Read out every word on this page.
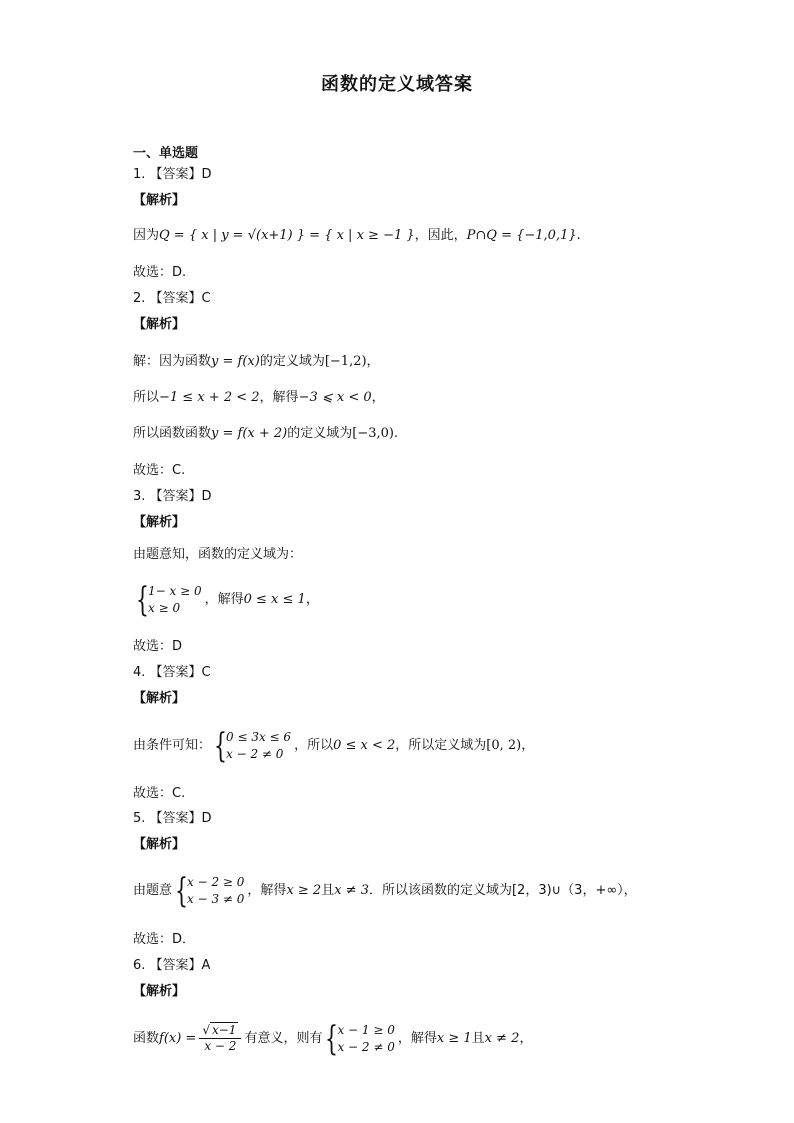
函数的定义域答案
一、单选题
1. 【答案】D
【解析】
因为Q = { x | y = √(x+1) } = { x | x ≥ −1 }，因此，P∩Q = {−1,0,1}.
故选：D.
2. 【答案】C
【解析】
解：因为函数y = f(x)的定义域为[−1,2)，
所以−1 ≤ x + 2 < 2，解得−3 ⩽ x < 0，
所以函数函数y = f(x + 2)的定义域为[−3,0).
故选：C.
3. 【答案】D
【解析】
由题意知，函数的定义域为：
{ 1− x ≥ 0
x ≥ 0
，解得0 ≤ x ≤ 1，
故选：D
4. 【答案】C
【解析】
由条件可知： { 0 ≤ 3x ≤ 6
x − 2 ≠ 0
，所以0 ≤ x < 2，所以定义域为[0, 2)，
故选：C.
5. 【答案】D
【解析】
由题意 { x − 2 ≥ 0
x − 3 ≠ 0
，解得x ≥ 2且x ≠ 3．所以该函数的定义域为[2，3)∪（3，+∞），
故选：D．
6. 【答案】A
【解析】
函数$f(x) = \frac{√ x-1}{x - 2}$ 有意义，则有 { x − 1 ≥ 0
x − 2 ≠ 0
，解得x ≥ 1且x ≠ 2，
